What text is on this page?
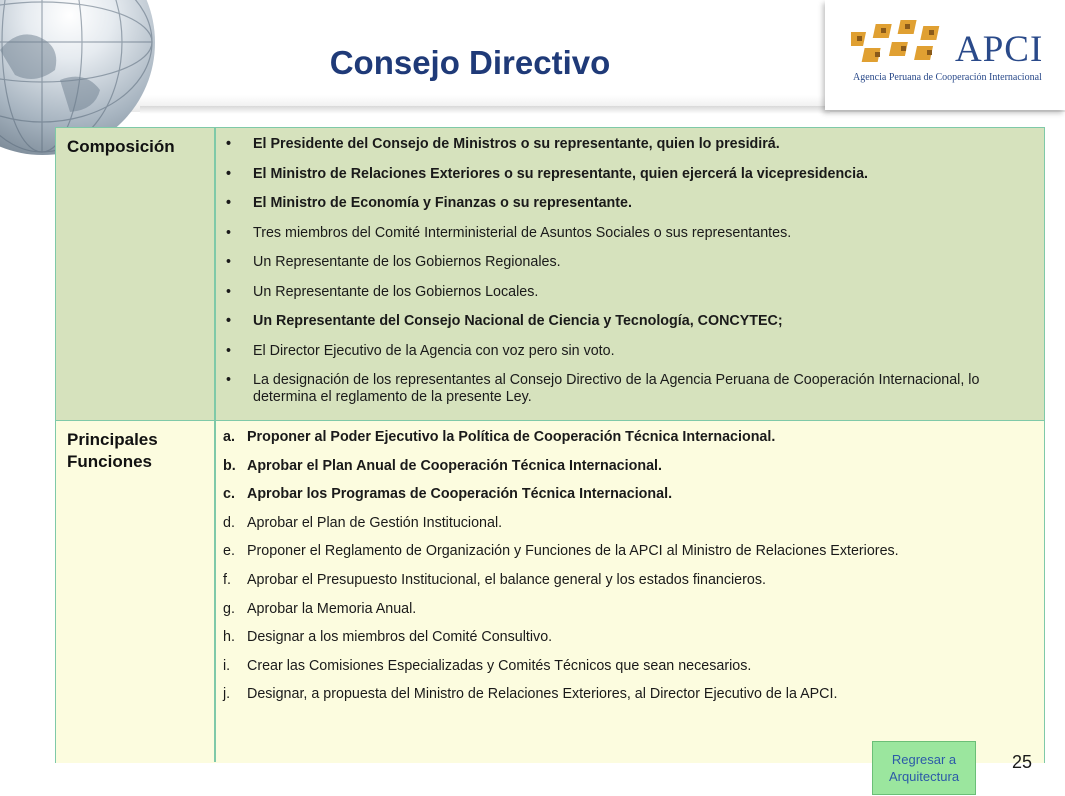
Consejo Directivo	APCI
Agencia Peruana de Cooperación Internacional
Composición	• El Presidente del Consejo de Ministros o su representante, quien lo presidirá.
• El Ministro de Relaciones Exteriores o su representante, quien ejercerá la vicepresidencia.
• El Ministro de Economía y Finanzas o su representante.
• Tres miembros del Comité Interministerial de Asuntos Sociales o sus representantes.
• Un Representante de los Gobiernos Regionales.
• Un Representante de los Gobiernos Locales.
• Un Representante del Consejo Nacional de Ciencia y Tecnología, CONCYTEC;
• El Director Ejecutivo de la Agencia con voz pero sin voto.
• La designación de los representantes al Consejo Directivo de la Agencia Peruana de Cooperación Internacional, lo determina el reglamento de la presente Ley.
Principales
Funciones
a. Proponer al Poder Ejecutivo la Política de Cooperación Técnica Internacional.
b. Aprobar el Plan Anual de Cooperación Técnica Internacional.
c. Aprobar los Programas de Cooperación Técnica Internacional.
d. Aprobar el Plan de Gestión Institucional.
e. Proponer el Reglamento de Organización y Funciones de la APCI al Ministro de Relaciones Exteriores.
f. Aprobar el Presupuesto Institucional, el balance general y los estados financieros.
g. Aprobar la Memoria Anual.
h. Designar a los miembros del Comité Consultivo.
i. Crear las Comisiones Especializadas y Comités Técnicos que sean necesarios.
j. Designar, a propuesta del Ministro de Relaciones Exteriores, al Director Ejecutivo de la APCI.
Regresar a Arquitectura
25
